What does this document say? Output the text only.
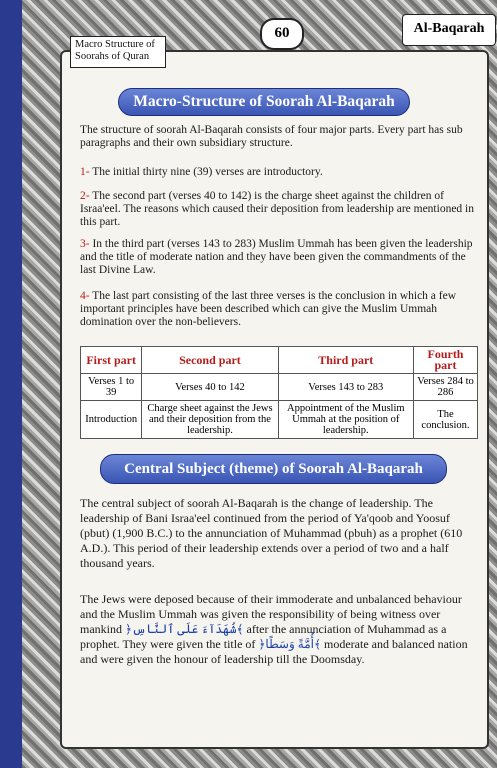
Macro Structure of Soorahs of Quran
60	Al-Baqarah
Macro-Structure of Soorah Al-Baqarah
The structure of soorah Al-Baqarah consists of four major parts. Every part has sub paragraphs and their own subsidiary structure.
1- The initial thirty nine (39) verses are introductory.
2- The second part (verses 40 to 142) is the charge sheet against the children of Israa'eel. The reasons which caused their deposition from leadership are mentioned in this part.
3- In the third part (verses 143 to 283) Muslim Ummah has been given the leadership and the title of moderate nation and they have been given the commandments of the last Divine Law.
4- The last part consisting of the last three verses is the conclusion in which a few important principles have been described which can give the Muslim Ummah domination over the non-believers.
First part	Second part	Third part	Fourth part
Verses 1 to 39	Verses 40 to 142	Verses 143 to 283	Verses 284 to 286
Introduction	Charge sheet against the Jews and their deposition from the leadership.	Appointment of the Muslim Ummah at the position of leadership.	The conclusion.
Central Subject (theme) of Soorah Al-Baqarah
The central subject of soorah Al-Baqarah is the change of leadership. The leadership of Bani Israa'eel continued from the period of Ya'qoob and Yoosuf (pbut) (1,900 B.C.) to the annunciation of Muhammad (pbuh) as a prophet (610 A.D.). This period of their leadership extends over a period of two and a half thousand years.
The Jews were deposed because of their immoderate and unbalanced behaviour and the Muslim Ummah was given the responsibility of being witness over mankind ﴿شُهَدَآءَ عَلَى ٱلنَّاسِ﴾ after the annunciation of Muhammad as a prophet. They were given the title of ﴿أُمَّةً وَسَطًا﴾ moderate and balanced nation and were given the honour of leadership till the Doomsday.
